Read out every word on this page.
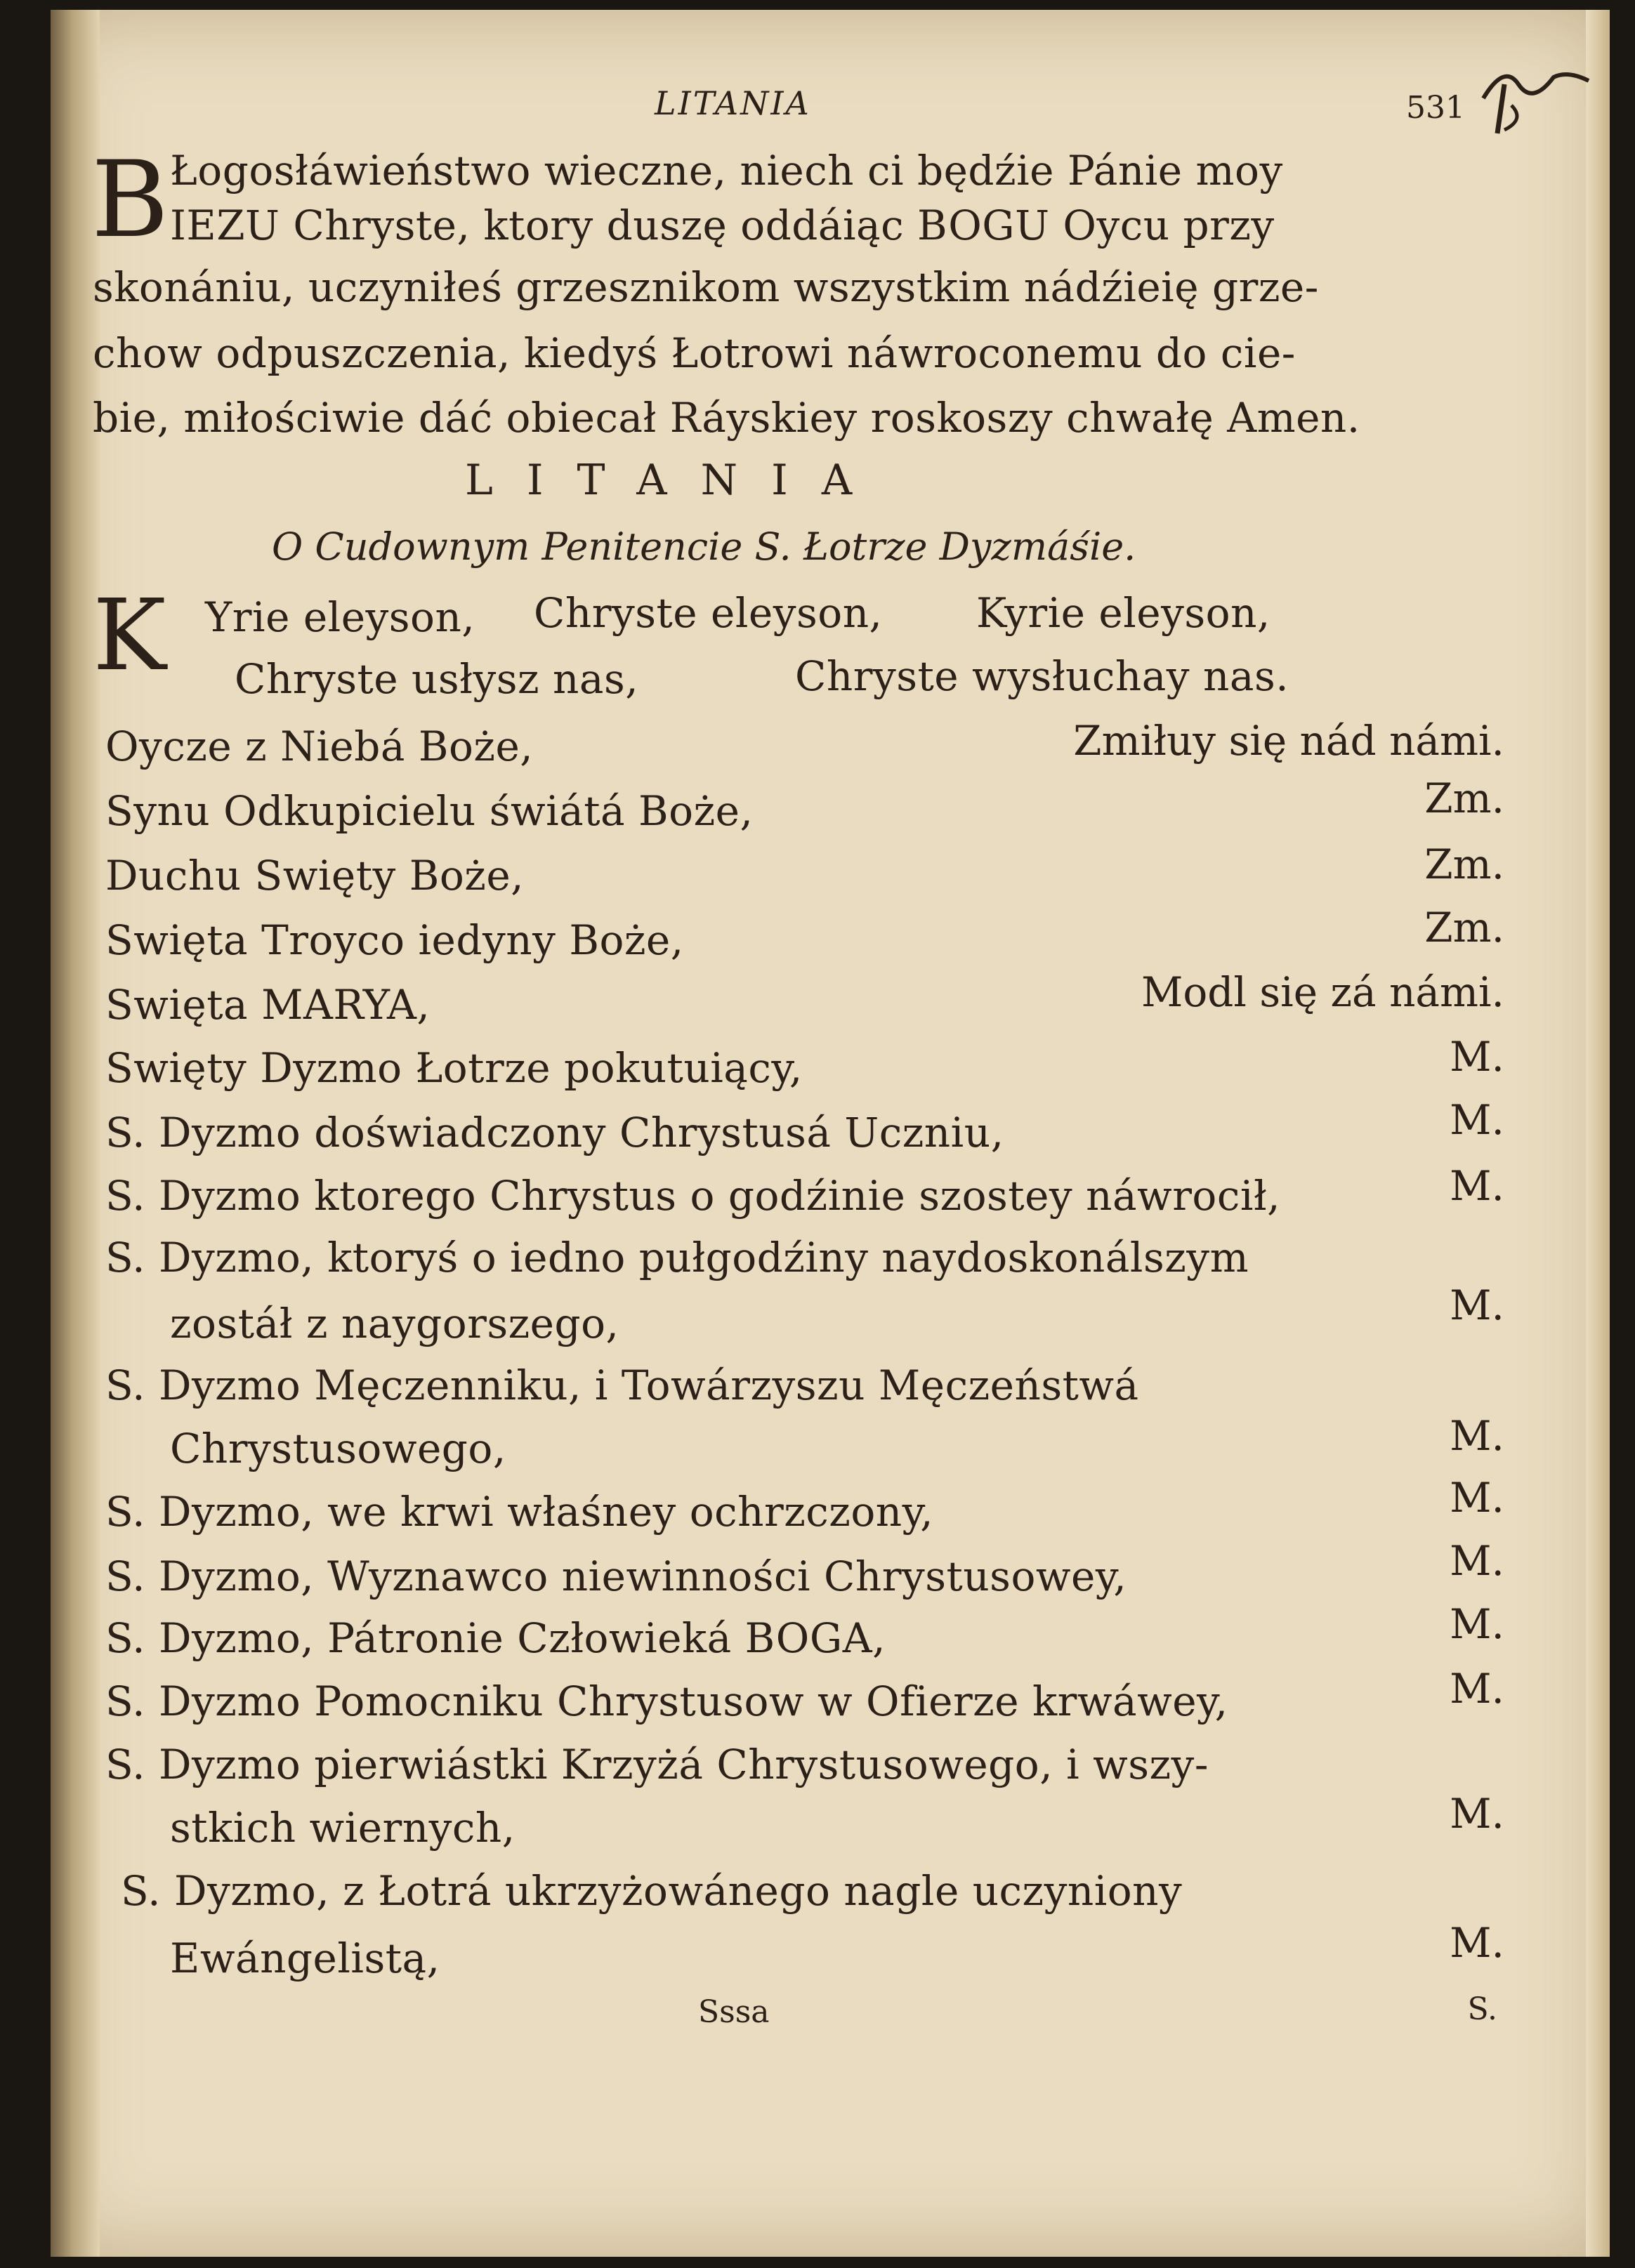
LITANIA	531
B Łogosłáwieństwo wieczne, niech ci będźie Pánie moy
IEZU Chryste, ktory duszę oddáiąc BOGU Oycu przy
skonániu, uczyniłeś grzesznikom wszystkim nádźieię grze-
chow odpuszczenia, kiedyś Łotrowi náwroconemu do cie-
bie, miłościwie dáć obiecał Ráyskiey roskoszy chwałę Amen.
LITANIA
O Cudownym Penitencie S. Łotrze Dyzmáśie.
K Yrie eleyson, Chryste eleyson, Kyrie eleyson,
Chryste usłysz nas,	Chryste wysłuchay nas.
Oycze z Niebá Boże,	Zmiłuy się nád námi.
Synu Odkupicielu świátá Boże,	Zm.
Duchu Swięty Boże,	Zm.
Swięta Troyco iedyny Boże,	Zm.
Swięta MARYA,	Modl się zá námi.
Swięty Dyzmo Łotrze pokutuiący,	M.
S. Dyzmo doświadczony Chrystusá Uczniu,	M.
S. Dyzmo ktorego Chrystus o godźinie szostey náwrocił,	M.
S. Dyzmo, ktoryś o iedno pułgodźiny naydoskonálszym
zostáł z naygorszego,	M.
S. Dyzmo Męczenniku, i Towárzyszu Męczeństwá
Chrystusowego,	M.
S. Dyzmo, we krwi właśney ochrzczony,	M.
S. Dyzmo, Wyznawco niewinności Chrystusowey,	M.
S. Dyzmo, Pátronie Człowieká BOGA,	M.
S. Dyzmo Pomocniku Chrystusow w Ofierze krwáwey,	M.
S. Dyzmo pierwiástki Krzyżá Chrystusowego, i wszy-
stkich wiernych,	M.
S. Dyzmo, z Łotrá ukrzyżowánego nagle uczyniony
Ewángelistą,	M.
Sssa	S.
